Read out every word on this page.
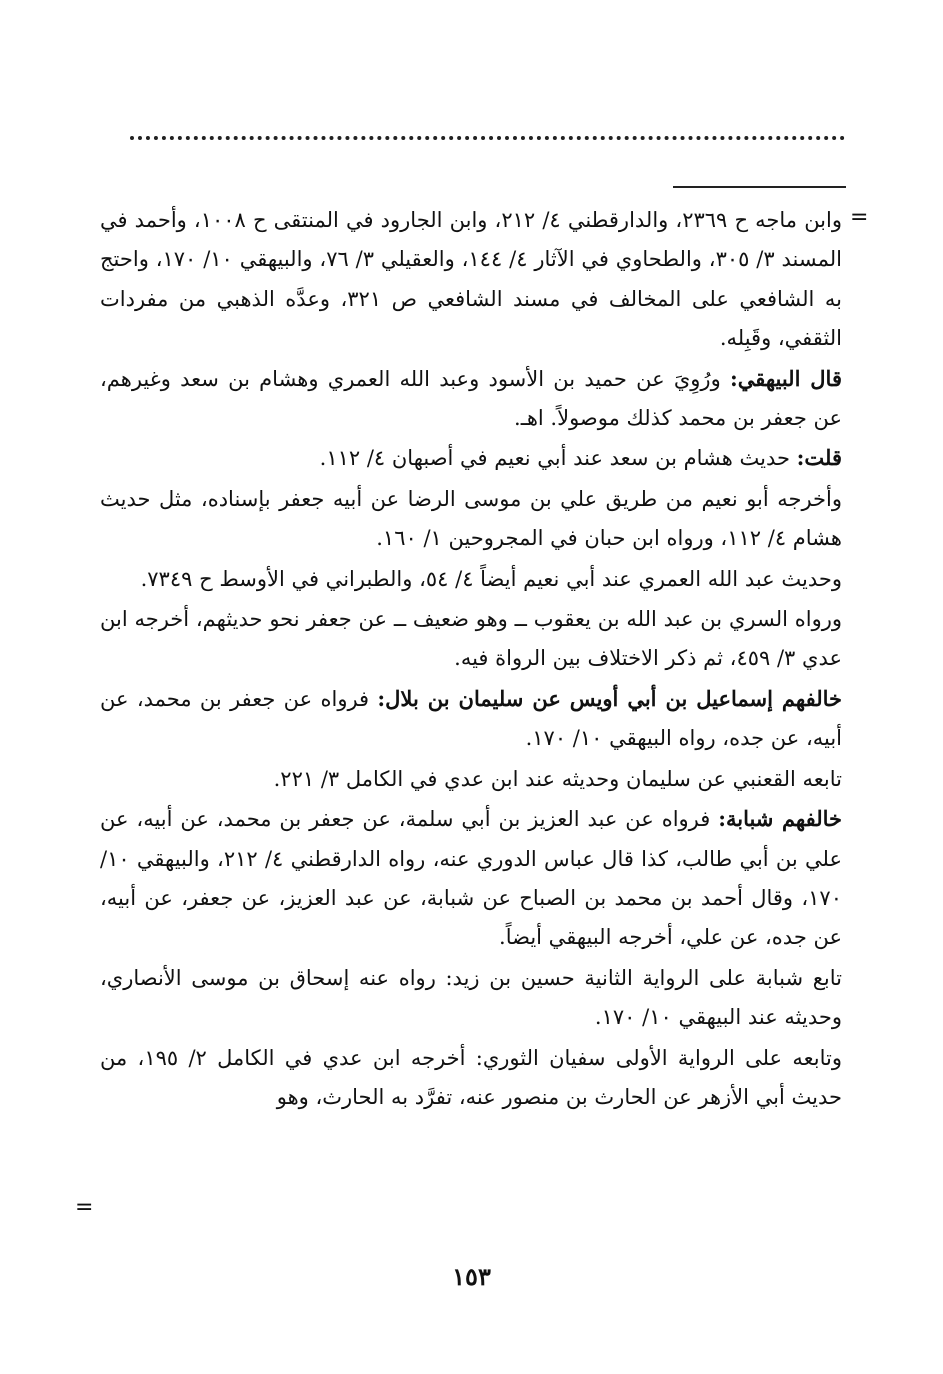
=

وابن ماجه ح ٢٣٦٩، والدارقطني ٤/ ٢١٢، وابن الجارود في المنتقى ح ١٠٠٨، وأحمد في المسند ٣/ ٣٠٥، والطحاوي في الآثار ٤/ ١٤٤، والعقيلي ٣/ ٧٦، والبيهقي ١٠/ ١٧٠، واحتج به الشافعي على المخالف في مسند الشافعي ص ٣٢١، وعدَّه الذهبي من مفردات الثقفي، وقَبِله.

قال البيهقي: ورُوِيَ عن حميد بن الأسود وعبد الله العمري وهشام بن سعد وغيرهم، عن جعفر بن محمد كذلك موصولاً. اهـ.

قلت: حديث هشام بن سعد عند أبي نعيم في أصبهان ٤/ ١١٢.

وأخرجه أبو نعيم من طريق علي بن موسى الرضا عن أبيه جعفر بإسناده، مثل حديث هشام ٤/ ١١٢، ورواه ابن حبان في المجروحين ١/ ١٦٠.

وحديث عبد الله العمري عند أبي نعيم أيضاً ٤/ ٥٤، والطبراني في الأوسط ح ٧٣٤٩.

ورواه السري بن عبد الله بن يعقوب ــ وهو ضعيف ــ عن جعفر نحو حديثهم، أخرجه ابن عدي ٣/ ٤٥٩، ثم ذكر الاختلاف بين الرواة فيه.

خالفهم إسماعيل بن أبي أويس عن سليمان بن بلال: فرواه عن جعفر بن محمد، عن أبيه، عن جده، رواه البيهقي ١٠/ ١٧٠.

تابعه القعنبي عن سليمان وحديثه عند ابن عدي في الكامل ٣/ ٢٢١.

خالفهم شبابة: فرواه عن عبد العزيز بن أبي سلمة، عن جعفر بن محمد، عن أبيه، عن علي بن أبي طالب، كذا قال عباس الدوري عنه، رواه الدارقطني ٤/ ٢١٢، والبيهقي ١٠/ ١٧٠، وقال أحمد بن محمد بن الصباح عن شبابة، عن عبد العزيز، عن جعفر، عن أبيه، عن جده، عن علي، أخرجه البيهقي أيضاً.

تابع شبابة على الرواية الثانية حسين بن زيد: رواه عنه إسحاق بن موسى الأنصاري، وحديثه عند البيهقي ١٠/ ١٧٠.

وتابعه على الرواية الأولى سفيان الثوري: أخرجه ابن عدي في الكامل ٢/ ١٩٥، من حديث أبي الأزهر عن الحارث بن منصور عنه، تفرَّد به الحارث، وهو

=
١٥٣
